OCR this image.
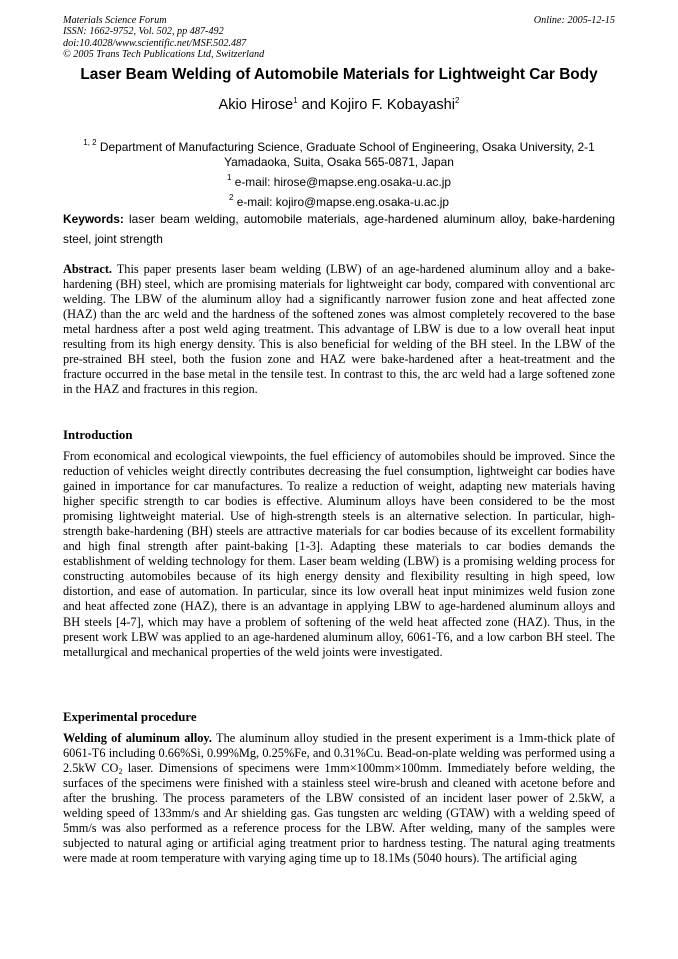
Materials Science Forum	Online: 2005-12-15
ISSN: 1662-9752, Vol. 502, pp 487-492
doi:10.4028/www.scientific.net/MSF.502.487
© 2005 Trans Tech Publications Ltd, Switzerland
Laser Beam Welding of Automobile Materials for Lightweight Car Body
Akio Hirose$^1$ and Kojiro F. Kobayashi$^2$
$^{1, 2}$ Department of Manufacturing Science, Graduate School of Engineering, Osaka University, 2-1
Yamadaoka, Suita, Osaka 565-0871, Japan
$^1$ e-mail: hirose@mapse.eng.osaka-u.ac.jp
$^2$ e-mail: kojiro@mapse.eng.osaka-u.ac.jp
Keywords: laser beam welding, automobile materials, age-hardened aluminum alloy, bake-hardening steel, joint strength
Abstract. This paper presents laser beam welding (LBW) of an age-hardened aluminum alloy and a bake-hardening (BH) steel, which are promising materials for lightweight car body, compared with conventional arc welding. The LBW of the aluminum alloy had a significantly narrower fusion zone and heat affected zone (HAZ) than the arc weld and the hardness of the softened zones was almost completely recovered to the base metal hardness after a post weld aging treatment. This advantage of LBW is due to a low overall heat input resulting from its high energy density. This is also beneficial for welding of the BH steel. In the LBW of the pre-strained BH steel, both the fusion zone and HAZ were bake-hardened after a heat-treatment and the fracture occurred in the base metal in the tensile test. In contrast to this, the arc weld had a large softened zone in the HAZ and fractures in this region.
Introduction
From economical and ecological viewpoints, the fuel efficiency of automobiles should be improved. Since the reduction of vehicles weight directly contributes decreasing the fuel consumption, lightweight car bodies have gained in importance for car manufactures. To realize a reduction of weight, adapting new materials having higher specific strength to car bodies is effective. Aluminum alloys have been considered to be the most promising lightweight material. Use of high-strength steels is an alternative selection. In particular, high-strength bake-hardening (BH) steels are attractive materials for car bodies because of its excellent formability and high final strength after paint-baking [1-3]. Adapting these materials to car bodies demands the establishment of welding technology for them. Laser beam welding (LBW) is a promising welding process for constructing automobiles because of its high energy density and flexibility resulting in high speed, low distortion, and ease of automation. In particular, since its low overall heat input minimizes weld fusion zone and heat affected zone (HAZ), there is an advantage in applying LBW to age-hardened aluminum alloys and BH steels [4-7], which may have a problem of softening of the weld heat affected zone (HAZ). Thus, in the present work LBW was applied to an age-hardened aluminum alloy, 6061-T6, and a low carbon BH steel. The metallurgical and mechanical properties of the weld joints were investigated.
Experimental procedure
Welding of aluminum alloy. The aluminum alloy studied in the present experiment is a 1mm-thick plate of 6061-T6 including 0.66%Si, 0.99%Mg, 0.25%Fe, and 0.31%Cu. Bead-on-plate welding was performed using a 2.5kW $CO_2$ laser. Dimensions of specimens were 1mm×100mm×100mm. Immediately before welding, the surfaces of the specimens were finished with a stainless steel wire-brush and cleaned with acetone before and after the brushing. The process parameters of the LBW consisted of an incident laser power of 2.5kW, a welding speed of 133mm/s and Ar shielding gas. Gas tungsten arc welding (GTAW) with a welding speed of 5mm/s was also performed as a reference process for the LBW. After welding, many of the samples were subjected to natural aging or artificial aging treatment prior to hardness testing. The natural aging treatments were made at room temperature with varying aging time up to 18.1Ms (5040 hours). The artificial aging
